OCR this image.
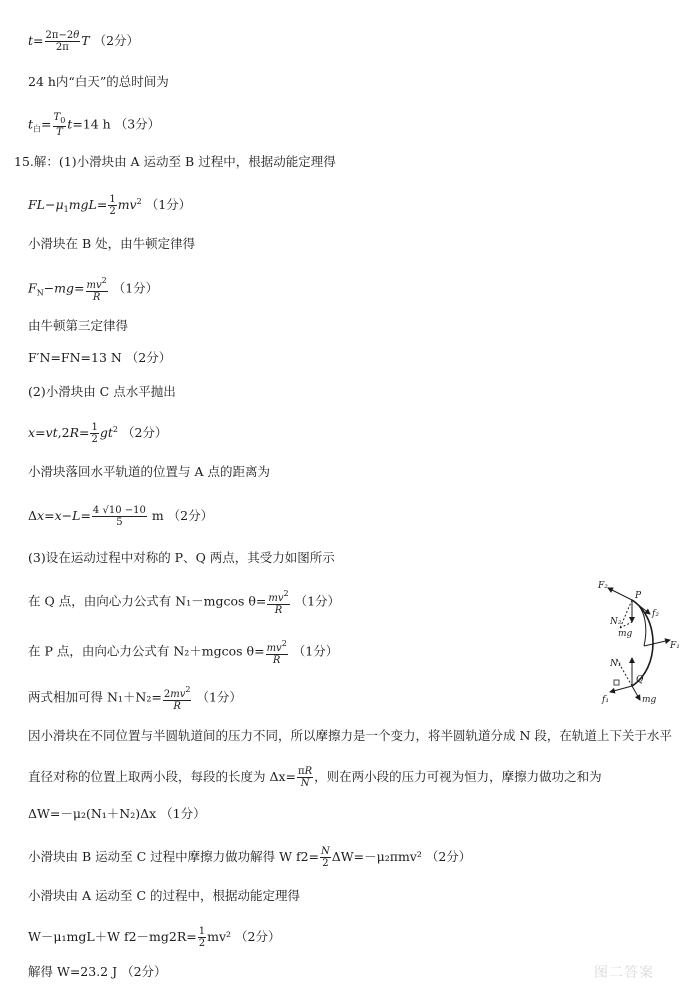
$t= \frac{2\pi-2\theta}{2\pi}$ T （2分）
24 h内“白天”的总时间为
$t_白= \frac{T_0}{T} t=14$ h （3分）
15.解：(1)小滑块由 A 运动至 B 过程中，根据动能定理得
$FL-\mu_1mgL= \frac{1}{2} mv^2$ （1分）
小滑块在 B 处，由牛顿定律得
$F_N-mg= \frac{mv^2}{R} (1$分）
由牛顿第三定律得
F′N=FN=13 N （2分）
(2)小滑块由 C 点水平抛出
$x=vt,2R= \frac{1}{2} gt^2$ （2分）
小滑块落回水平轨道的位置与 A 点的距离为
$\Delta x=x-L= \frac{4 √10 -10}{5}$ m （2分）
(3)设在运动过程中对称的 P、Q 两点，其受力如图所示
在 Q 点，由向心力公式有 N₁－mgcos $\theta= \frac{mv^2}{R} (1$分）
在 P 点，由向心力公式有 N₂＋mgcos $\theta= \frac{mv^2}{R} (1$分）
两式相加可得 $N_1+N_2= \frac{2mv^2}{R} (1$分）
因小滑块在不同位置与半圆轨道间的压力不同，所以摩擦力是一个变力，将半圆轨道分成 N 段，在轨道上下关于水平
直径对称的位置上取两小段，每段的长度为 $\Delta x= \frac{\pi R}{N}$ ，则在两小段的压力可视为恒力，摩擦力做功之和为
ΔW=－μ₂(N₁＋N₂)Δx （1分）
小滑块由 B 运动至 C 过程中摩擦力做功解得 W $f2= \frac{N}{2} \Delta W=-\mu_2\pi mv^2$ （2分）
小滑块由 A 运动至 C 的过程中，根据动能定理得
W－μ₁mgL＋W $f2-mg2R= \frac{1}{2} mv^2$ （2分）
解得 W=23.2 J （2分）
F₂
P
f₂
N₂
mg
F₁
N₁
Q
f₁	mg
图二答案
